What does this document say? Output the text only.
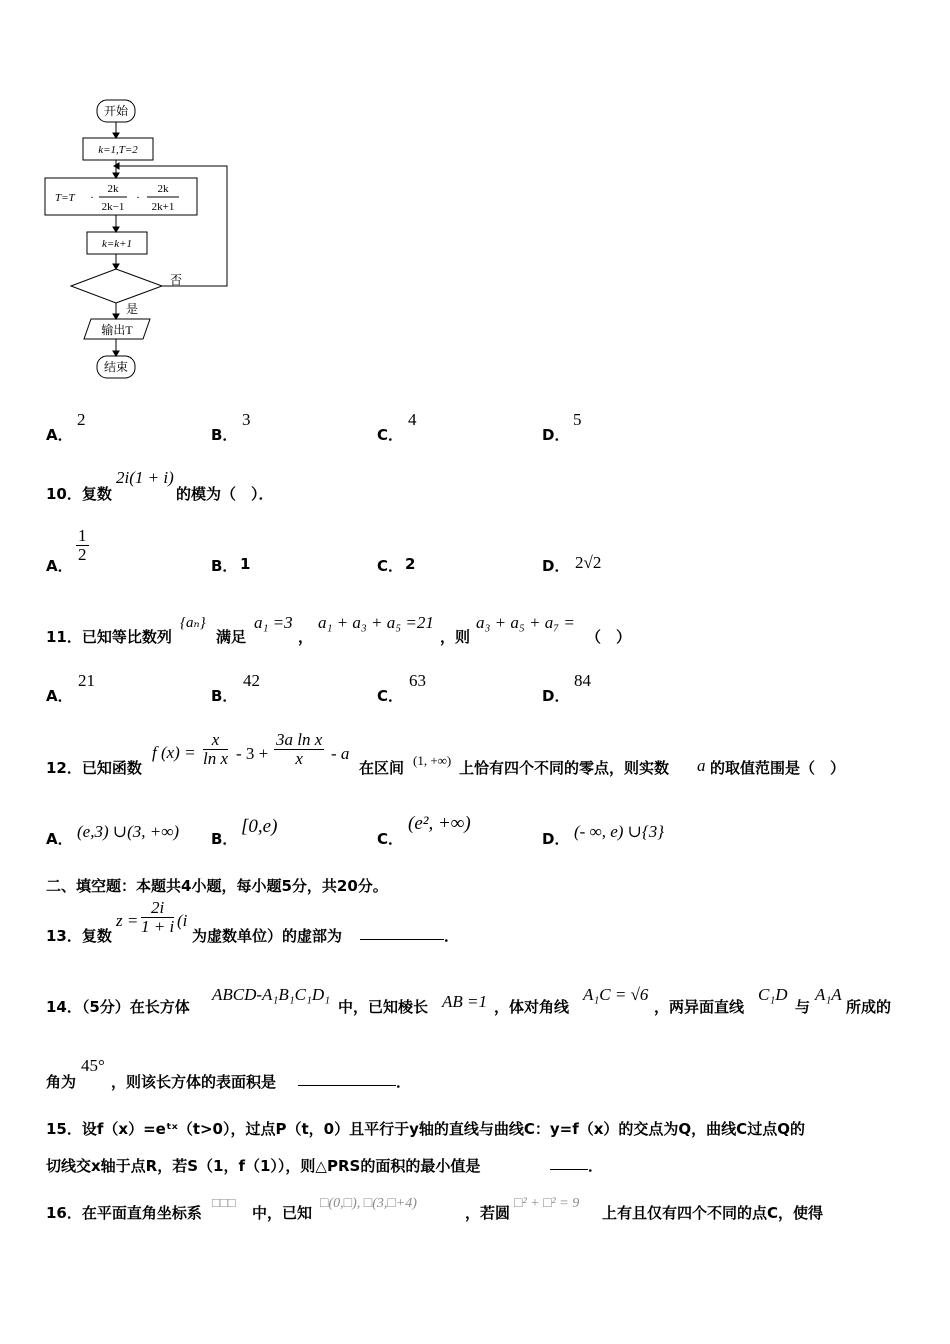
开始
k=1,T=2
T=T ·
2k
2k−1
·
2k
2k+1
k=k+1
否
是
输出T
结束
A．
2
B．
3
C．
4
D．
5
10．复数
2i(1 + i)
的模为（　）．
A．
$\frac{1}{2}$
B． 1	C． 2	D． 2√2
11．已知等比数列
{aₙ}
满足
a₁ =3
，
a₁ + a₃ + a₅ =21
，则
a₃ + a₅ + a₇ =
（　）
A．
21
B．
42
C．
63
D．
84
12．已知函数
f $(x) = \frac{x}{\text{ln x}} - 3 + \frac{\text{3a ln x}}{x} - a$
在区间 (1, +∞) 上恰有四个不同的零点，则实数 a 的取值范围是（　）
A． (e,3) ∪(3, +∞) B．
[0,e)
C．
(e², +∞)
D． (- ∞, e) ∪{3}
二、填空题：本题共4小题，每小题5分，共20分。
13．复数
$z = \frac{2i}{1 + i} (i$
为虚数单位）的虚部为	．
14．（5分）在长方体
ABCD-A₁B₁C₁D₁
中，已知棱长 AB =1 ，体对角线
A₁C = √6
，两异面直线
C₁D
与
A₁A
所成的
角为
45°
，则该长方体的表面积是	．
15．设f（x）=eᵗˣ（t>0），过点P（t，0）且平行于y轴的直线与曲线C：y=f（x）的交点为Q，曲线C过点Q的
切线交x轴于点R，若S（1，f（1）），则△PRS的面积的最小值是	．
16．在平面直角坐标系
□□□
中，已知
□(0,□), □(3,□+4)
，若圆
□² + □² = 9
上有且仅有四个不同的点C，使得
